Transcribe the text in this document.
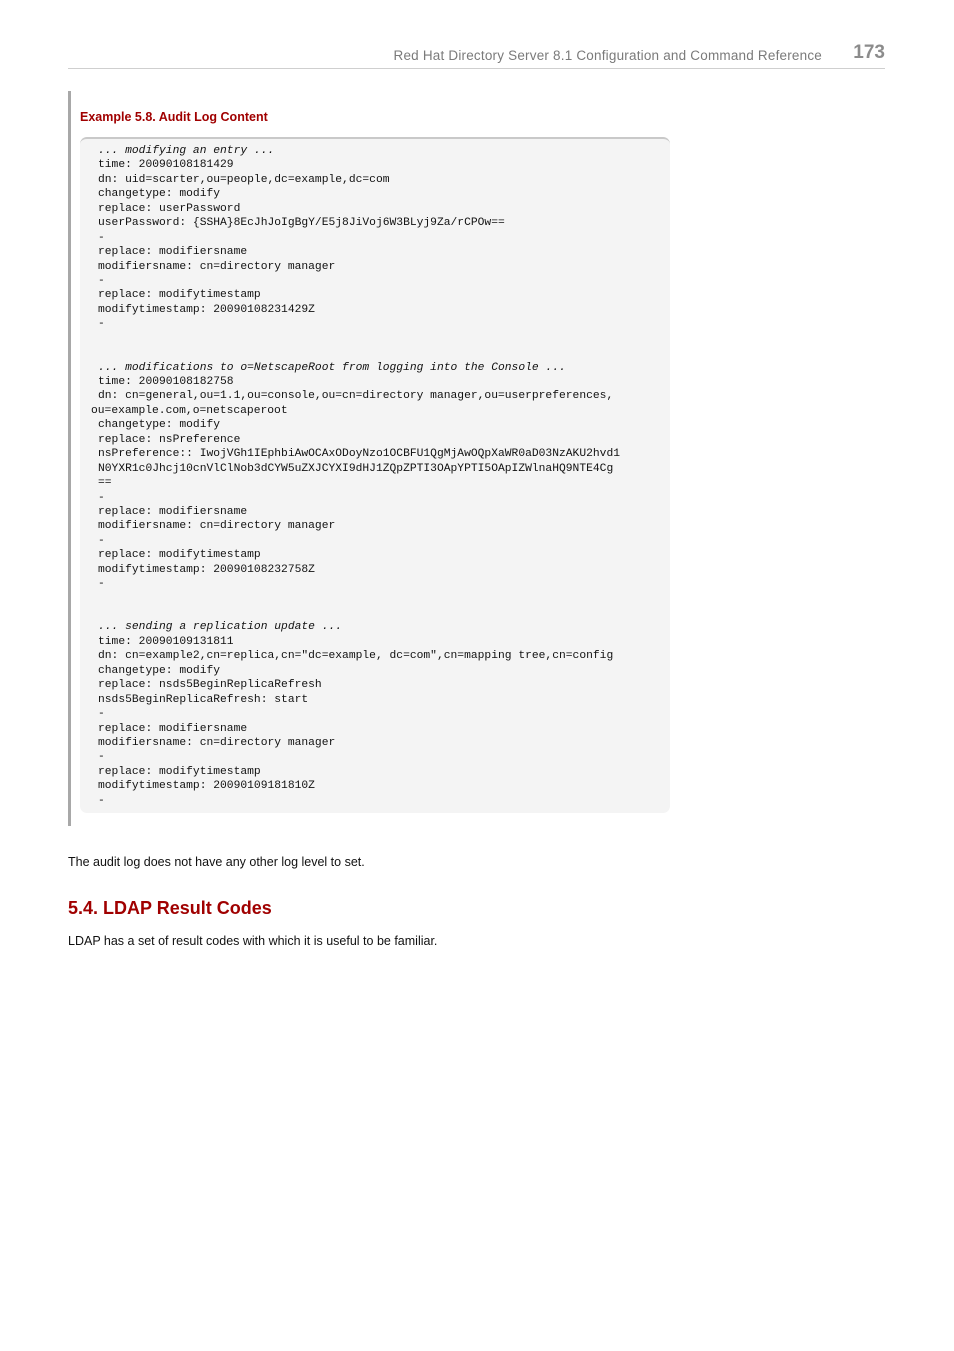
Red Hat Directory Server 8.1 Configuration and Command Reference 173
Example 5.8. Audit Log Content
... modifying an entry ...
time: 20090108181429
dn: uid=scarter,ou=people,dc=example,dc=com
changetype: modify
replace: userPassword
userPassword: {SSHA}8EcJhJoIgBgY/E5j8JiVoj6W3BLyj9Za/rCPOw==
-
replace: modifiersname
modifiersname: cn=directory manager
-
replace: modifytimestamp
modifytimestamp: 20090108231429Z
-
... modifications to o=NetscapeRoot from logging into the Console ...
time: 20090108182758
dn: cn=general,ou=1.1,ou=console,ou=cn=directory manager,ou=userpreferences,
ou=example.com,o=netscaperoot
changetype: modify
replace: nsPreference
nsPreference:: IwojVGh1IEphbiAwOCAxODoyNzo1OCBFU1QgMjAwOQpXaWR0aD03NzAKU2hvd1
N0YXR1c0Jhcj10cnVlClNob3dCYW5uZXJCYXI9dHJ1ZQpZPTI3OApYPTI5OApIZWlnaHQ9NTE4Cg
==
-
replace: modifiersname
modifiersname: cn=directory manager
-
replace: modifytimestamp
modifytimestamp: 20090108232758Z
-
... sending a replication update ...
time: 20090109131811
dn: cn=example2,cn=replica,cn="dc=example, dc=com",cn=mapping tree,cn=config
changetype: modify
replace: nsds5BeginReplicaRefresh
nsds5BeginReplicaRefresh: start
-
replace: modifiersname
modifiersname: cn=directory manager
-
replace: modifytimestamp
modifytimestamp: 20090109181810Z
-
The audit log does not have any other log level to set.
5.4. LDAP Result Codes
LDAP has a set of result codes with which it is useful to be familiar.
